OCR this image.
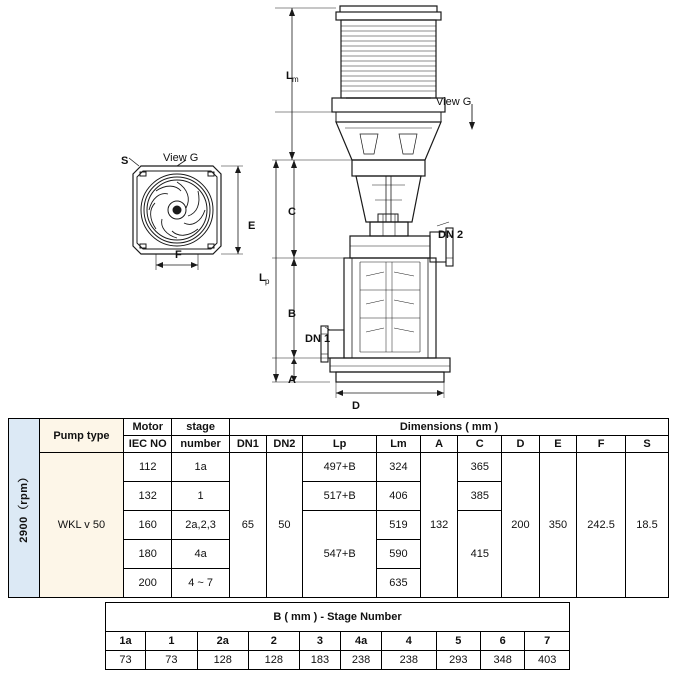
S	View G
E
F
L m
View G
C
DN 2
L p
B
DN 1
A
D
2900（rpm）	Pump type	Motor	stage	Dimensions ( mm )									
		IEC NO	number	DN1	DN2	Lp	Lm	A	C	D	E	F	S
	WKL v 50	112	1a	65	50	497+B	324	132	365	200	350	242.5	18.5
		132	1			517+B	406		385				
		160	2a,2,3			547+B	519		415				
		180	4a				590						
		200	4 ~ 7				635						
B ( mm ) - Stage Number									
1a	1	2a	2	3	4a	4	5	6	7
73	73	128	128	183	238	238	293	348	403
